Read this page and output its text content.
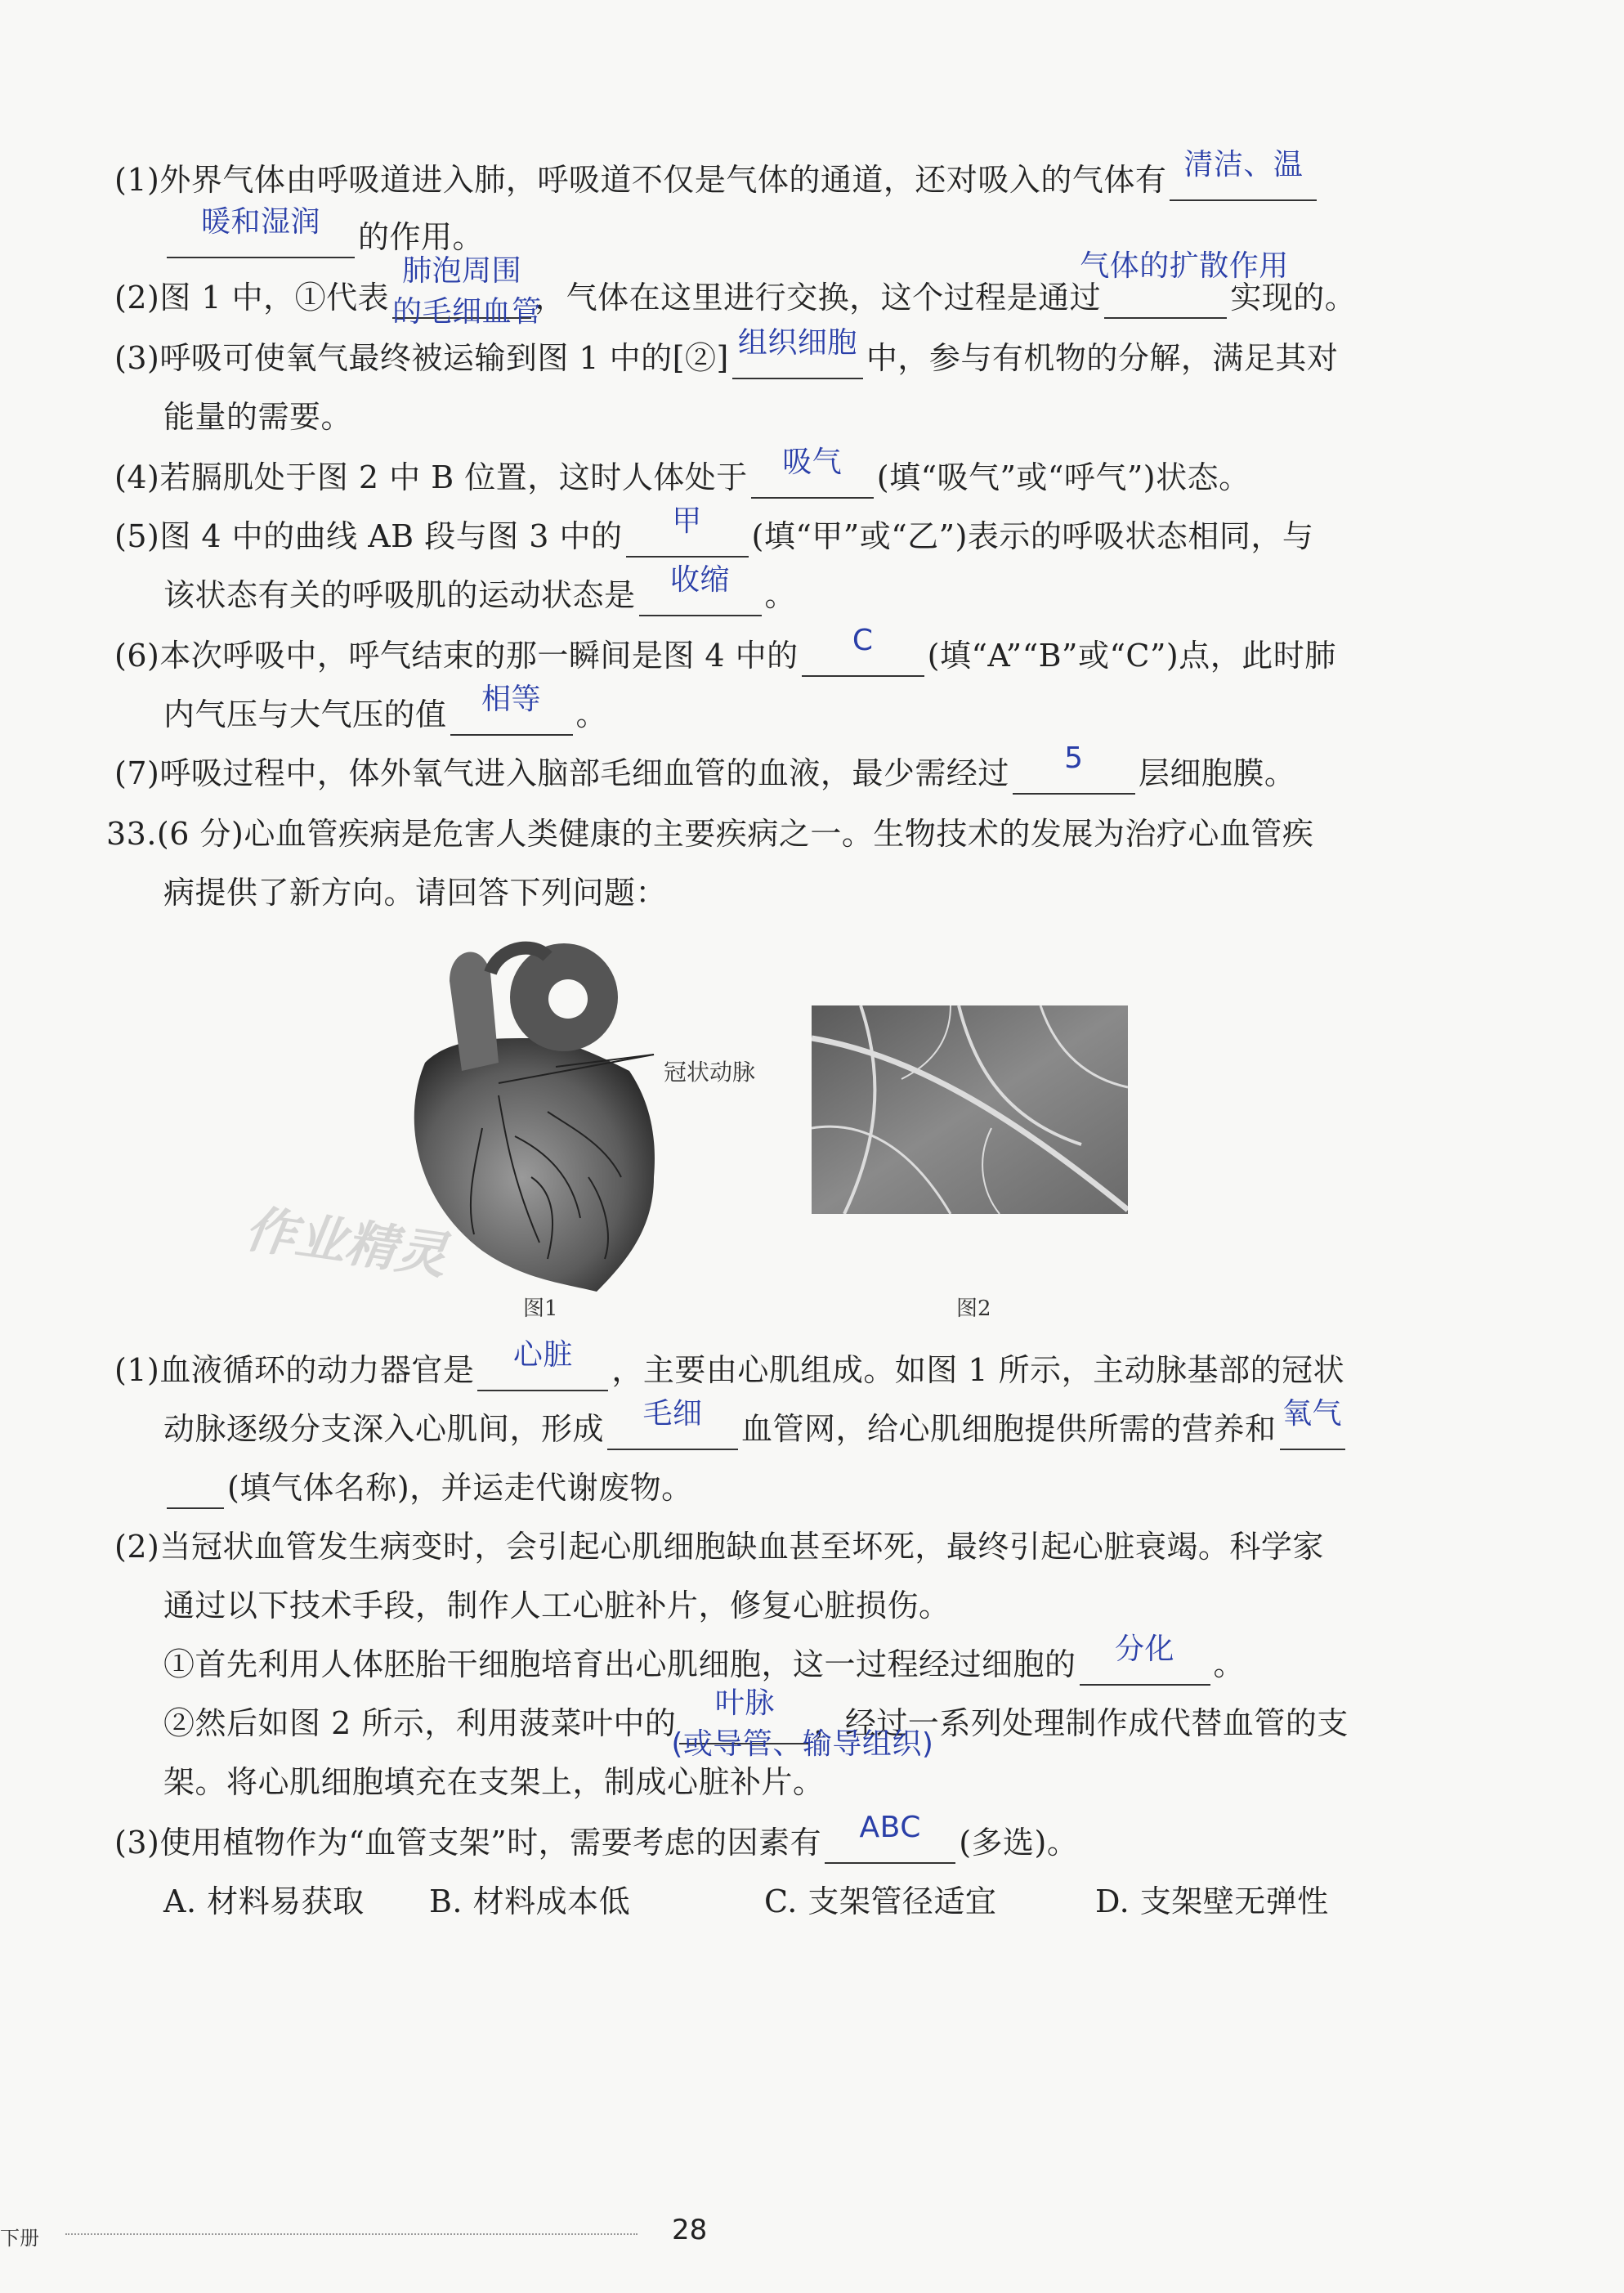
(1)外界气体由呼吸道进入肺，呼吸道不仅是气体的通道，还对吸入的气体有 清洁、温
暖和湿润	的作用。
(2)图 1 中，①代表
肺泡周围
的毛细血管
，气体在这里进行交换，这个过程是通过
气体的扩散作用
实现的。
(3)呼吸可使氧气最终被运输到图 1 中的[②] 组织细胞 中，参与有机物的分解，满足其对
能量的需要。
(4)若膈肌处于图 2 中 B 位置，这时人体处于	吸气	(填“吸气”或“呼气”)状态。
(5)图 4 中的曲线 AB 段与图 3 中的	甲	(填“甲”或“乙”)表示的呼吸状态相同，与
该状态有关的呼吸肌的运动状态是	收缩	。
(6)本次呼吸中，呼气结束的那一瞬间是图 4 中的	C	(填“A”“B”或“C”)点，此时肺
内气压与大气压的值	相等	。
(7)呼吸过程中，体外氧气进入脑部毛细血管的血液，最少需经过	5	层细胞膜。
33.(6 分)心血管疾病是危害人类健康的主要疾病之一。生物技术的发展为治疗心血管疾
病提供了新方向。请回答下列问题：
冠状动脉
图1	图2
作业精灵
(1)血液循环的动力器官是	心脏	，主要由心肌组成。如图 1 所示，主动脉基部的冠状
动脉逐级分支深入心肌间，形成	毛细	血管网，给心肌细胞提供所需的营养和 氧气
(填气体名称)，并运走代谢废物。
(2)当冠状血管发生病变时，会引起心肌细胞缺血甚至坏死，最终引起心脏衰竭。科学家
通过以下技术手段，制作人工心脏补片，修复心脏损伤。
①首先利用人体胚胎干细胞培育出心肌细胞，这一过程经过细胞的	分化	。
②然后如图 2 所示，利用菠菜叶中的
叶脉
(或导管、输导组织)
，经过一系列处理制作成代替血管的支
架。将心肌细胞填充在支架上，制成心脏补片。
(3)使用植物作为“血管支架”时，需要考虑的因素有	ABC	(多选)。
A. 材料易获取 B. 材料成本低	C. 支架管径适宜	D. 支架壁无弹性
下册	28
